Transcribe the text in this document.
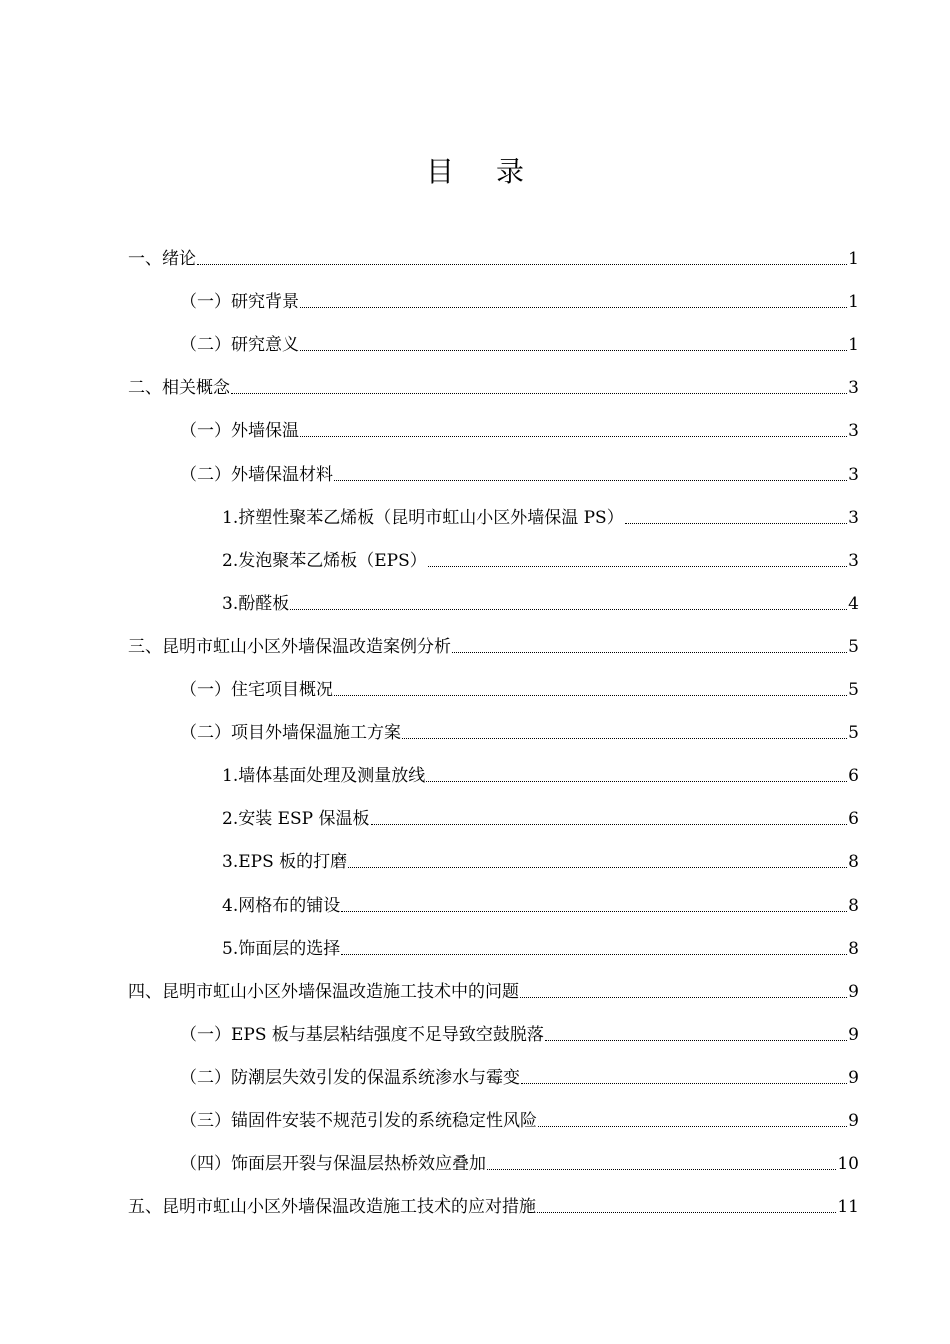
目录
一、绪论	1
（一）研究背景	1
（二）研究意义	1
二、相关概念	3
（一）外墙保温	3
（二）外墙保温材料	3
1.挤塑性聚苯乙烯板（昆明市虹山小区外墙保温 PS）	3
2.发泡聚苯乙烯板（EPS）	3
3.酚醛板	4
三、昆明市虹山小区外墙保温改造案例分析	5
（一）住宅项目概况	5
（二）项目外墙保温施工方案	5
1.墙体基面处理及测量放线	6
2.安装 ESP 保温板	6
3.EPS 板的打磨	8
4.网格布的铺设	8
5.饰面层的选择	8
四、昆明市虹山小区外墙保温改造施工技术中的问题	9
（一）EPS 板与基层粘结强度不足导致空鼓脱落	9
（二）防潮层失效引发的保温系统渗水与霉变	9
（三）锚固件安装不规范引发的系统稳定性风险	9
（四）饰面层开裂与保温层热桥效应叠加	10
五、昆明市虹山小区外墙保温改造施工技术的应对措施	11
